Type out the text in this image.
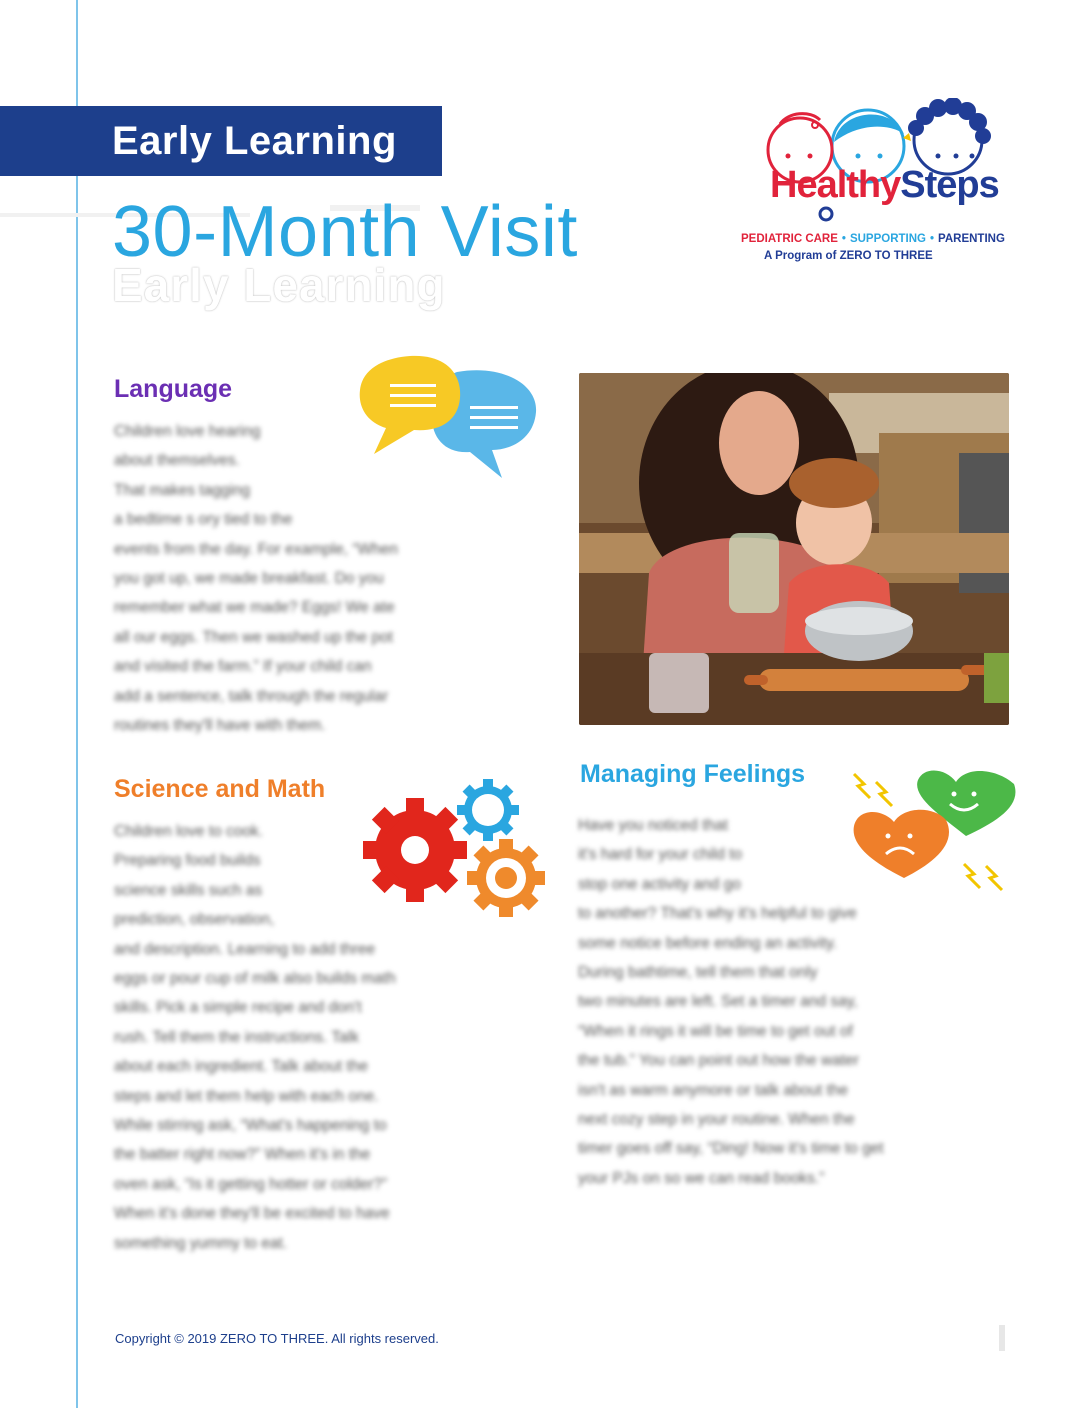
Early Learning
Early Learning
30-Month Visit
HealthySteps
PEDIATRIC CARE • SUPPORTING • PARENTING
A Program of ZERO TO THREE
Language
Children love hearing
about themselves.
That makes tagging
a bedtime s ory tied to the
events from the day. For example, “When
you got up, we made breakfast. Do you
remember what we made? Eggs! We ate
all our eggs. Then we washed up the pot
and visited the farm.” If your child can
add a sentence, talk through the regular
routines they'll have with them.
Science and Math
Children love to cook.
Preparing food builds
science skills such as
prediction, observation,
and description. Learning to add three
eggs or pour cup of milk also builds math
skills. Pick a simple recipe and don't
rush. Tell them the instructions. Talk
about each ingredient. Talk about the
steps and let them help with each one.
While stirring ask, “What's happening to
the batter right now?” When it's in the
oven ask, “Is it getting hotter or colder?”
When it's done they'll be excited to have
something yummy to eat.
Managing Feelings
Have you noticed that
it's hard for your child to
stop one activity and go
to another? That's why it's helpful to give
some notice before ending an activity.
During bathtime, tell them that only
two minutes are left. Set a timer and say,
“When it rings it will be time to get out of
the tub.” You can point out how the water
isn't as warm anymore or talk about the
next cozy step in your routine. When the
timer goes off say, “Ding! Now it's time to get
your PJs on so we can read books.”
Copyright © 2019 ZERO TO THREE. All rights reserved.
